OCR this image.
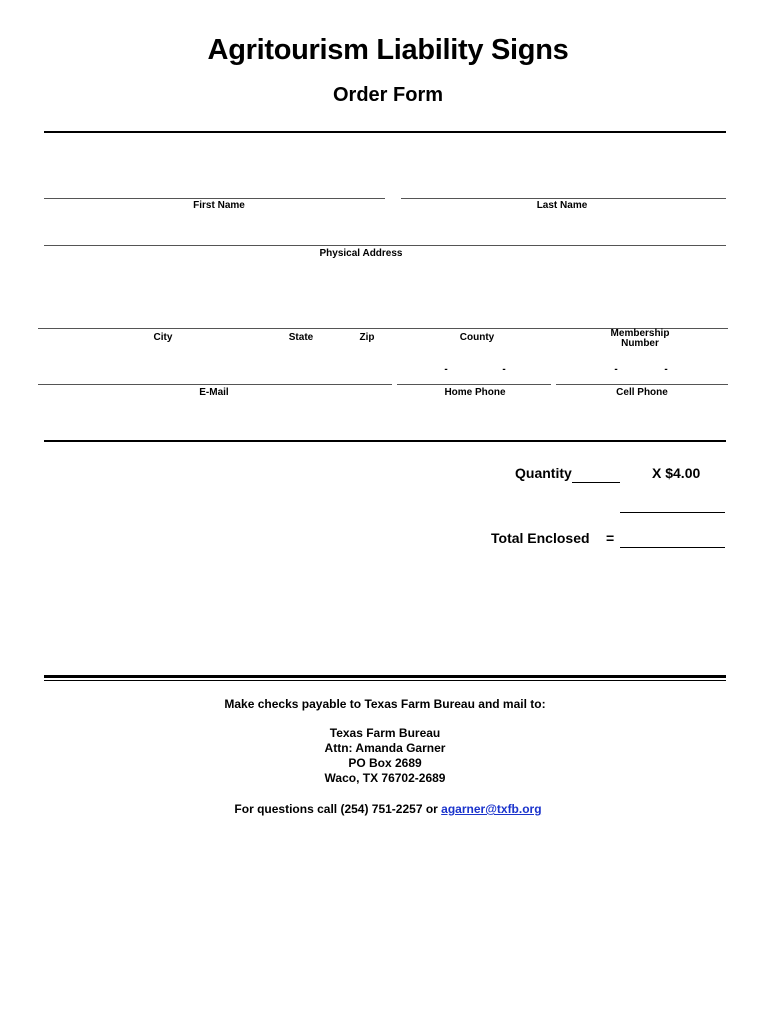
Agritourism Liability Signs
Order Form
First Name	Last Name
Physical Address
City	State	Zip	County	Membership
Number
-	-	-	-
E-Mail	Home Phone	Cell Phone
Quantity	X $4.00
Total Enclosed =
Make checks payable to Texas Farm Bureau and mail to:
Texas Farm Bureau
Attn: Amanda Garner
PO Box 2689
Waco, TX 76702-2689
For questions call (254) 751-2257 or agarner@txfb.org
